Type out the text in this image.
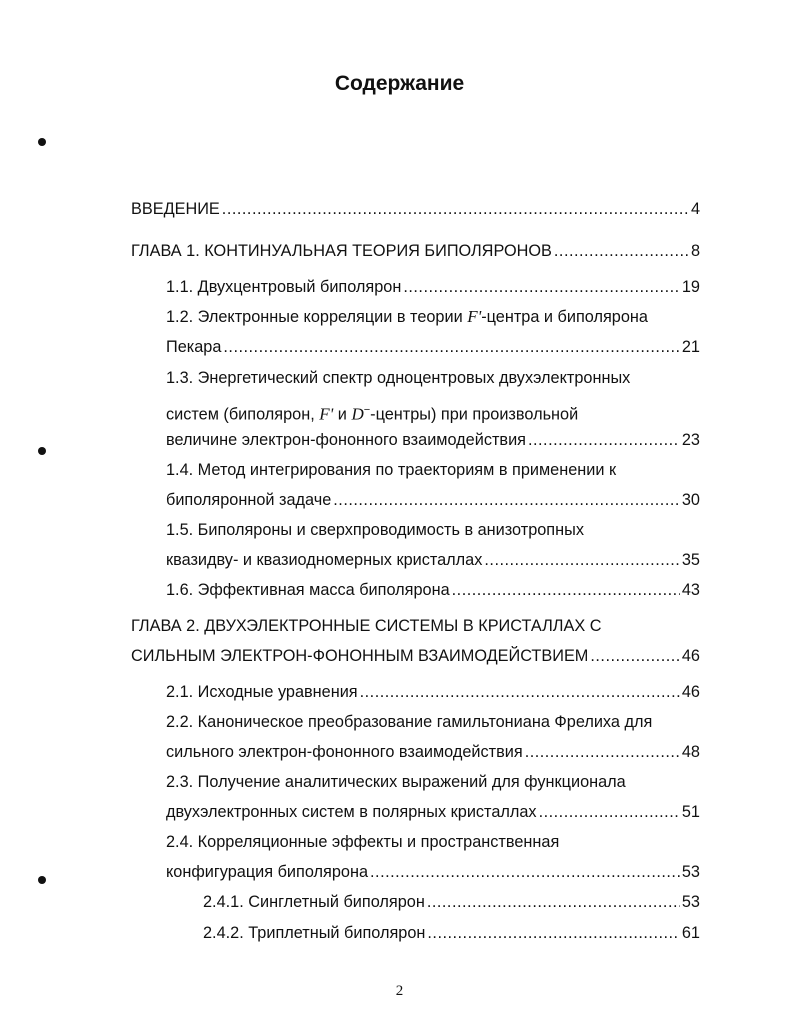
Содержание
ВВЕДЕНИЕ .....	4
ГЛАВА 1. КОНТИНУАЛЬНАЯ ТЕОРИЯ БИПОЛЯРОНОВ .....	8
1.1. Двухцентровый биполярон .....	19
1.2. Электронные корреляции в теории F'-центра и биполярона
Пекара .....	21
1.3. Энергетический спектр одноцентровых двухэлектронных
систем (биполярон, F' и D−-центры) при произвольной
величине электрон-фононного взаимодействия .....	23
1.4. Метод интегрирования по траекториям в применении к
биполяронной задаче .....	30
1.5. Биполяроны и сверхпроводимость в анизотропных
квазидву- и квазиодномерных кристаллах .....	35
1.6. Эффективная масса биполярона .....	43
ГЛАВА 2. ДВУХЭЛЕКТРОННЫЕ СИСТЕМЫ В КРИСТАЛЛАХ С
СИЛЬНЫМ ЭЛЕКТРОН-ФОНОННЫМ ВЗАИМОДЕЙСТВИЕМ .....	46
2.1. Исходные уравнения .....	46
2.2. Каноническое преобразование гамильтониана Фрелиха для
сильного электрон-фононного взаимодействия .....	48
2.3. Получение аналитических выражений для функционала
двухэлектронных систем в полярных кристаллах .....	51
2.4. Корреляционные эффекты и пространственная
конфигурация биполярона .....	53
2.4.1. Синглетный биполярон .....	53
2.4.2. Триплетный биполярон .....	61
2
